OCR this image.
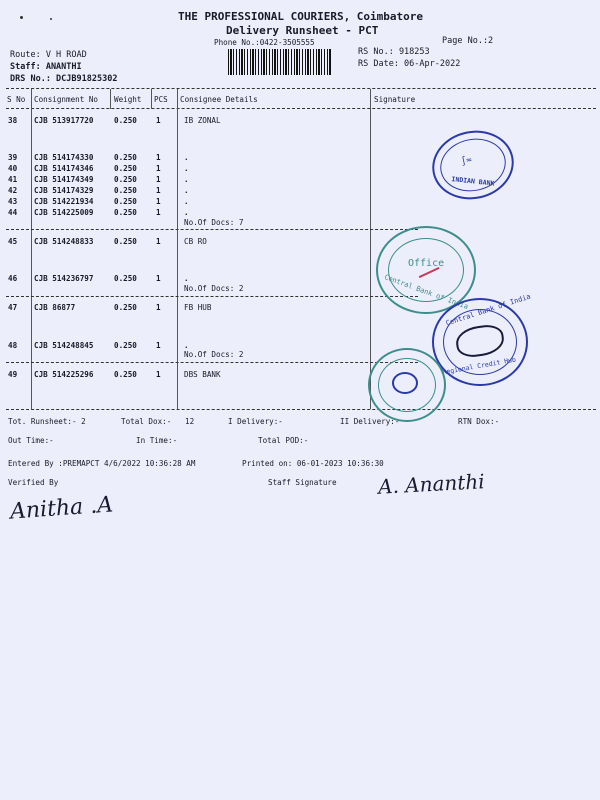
THE PROFESSIONAL COURIERS, Coimbatore
Delivery Runsheet - PCT
Phone No.:0422-3505555	Page No.:2
Route: V H ROAD
Staff: ANANTHI
DRS No.: DCJB91825302
RS No.: 918253
RS Date: 06-Apr-2022
S No Consignment No Weight PCS Consignee Details	Signature
38 CJB 513917720	0.250	1	IB ZONAL
39 CJB 514174330	0.250	1	.
40 CJB 514174346	0.250	1	.
41 CJB 514174349	0.250	1	.
42 CJB 514174329	0.250	1	.
43 CJB 514221934	0.250	1	.
44 CJB 514225009	0.250	1	.
No.Of Docs: 7
45 CJB 514248833	0.250	1	CB RO
46 CJB 514236797	0.250	1	.
No.Of Docs: 2
47 CJB 86877	0.250	1	FB HUB
48 CJB 514248845	0.250	1	.
No.Of Docs: 2
49 CJB 514225296	0.250	1	DBS BANK
INDIAN BANK
∫≈
Central Bank of India
Office
Central Bank of India
Regional Credit Hub
Tot. Runsheet:- 2	Total Dox:-   12	I Delivery:-	II Delivery:-	RTN Dox:-
Out Time:-	In Time:-	Total POD:-
Entered By :PREMAPCT 4/6/2022 10:36:28 AM	Printed on: 06-01-2023 10:36:30
Verified By	Staff Signature A. Ananthi
Anitha .A
